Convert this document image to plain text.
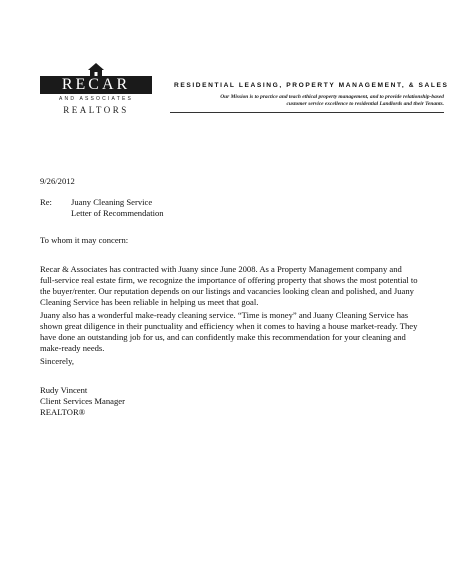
RECAR
AND ASSOCIATES
REALTORS
RESIDENTIAL LEASING, PROPERTY MANAGEMENT, & SALES
Our Mission is to practice and teach ethical property management, and to provide relationship-based
customer service excellence to residential Landlords and their Tenants.
9/26/2012
Re: Juany Cleaning Service
Letter of Recommendation
To whom it may concern:
Recar & Associates has contracted with Juany since June 2008. As a Property Management company and
full-service real estate firm, we recognize the importance of offering property that shows the most potential to
the buyer/renter. Our reputation depends on our listings and vacancies looking clean and polished, and Juany
Cleaning Service has been reliable in helping us meet that goal.
Juany also has a wonderful make-ready cleaning service. “Time is money” and Juany Cleaning Service has
shown great diligence in their punctuality and efficiency when it comes to having a house market-ready. They
have done an outstanding job for us, and can confidently make this recommendation for your cleaning and
make-ready needs.
Sincerely,
Rudy Vincent
Client Services Manager
REALTOR®
